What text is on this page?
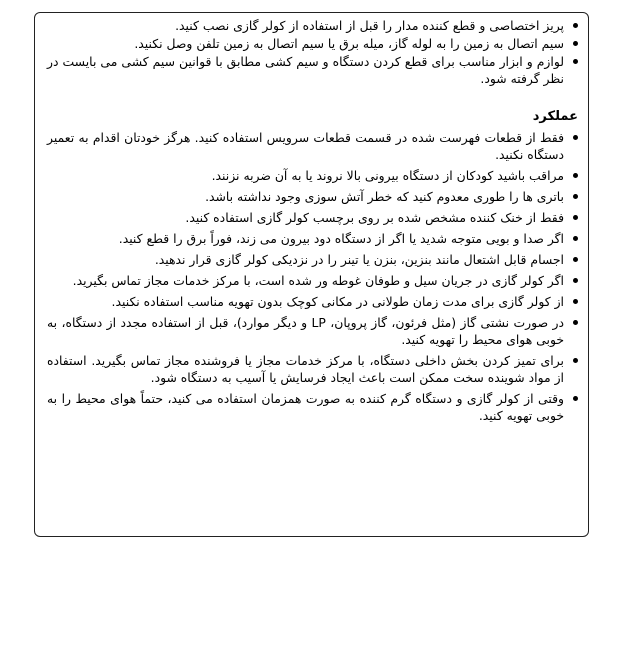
پریز اختصاصی و قطع کننده مدار را قبل از استفاده از کولر گازی نصب کنید.
سیم اتصال به زمین را به لوله گاز، میله برق یا سیم اتصال به زمین تلفن وصل نکنید.
لوازم و ابزار مناسب برای قطع کردن دستگاه و سیم کشی مطابق با قوانین سیم کشی می بایست در نظر گرفته شود.
عملکرد
فقط از قطعات فهرست شده در قسمت قطعات سرویس استفاده کنید. هرگز خودتان اقدام به تعمیر دستگاه نکنید.
مراقب باشید کودکان از دستگاه بیرونی بالا نروند یا به آن ضربه نزنند.
باتری ها را طوری معدوم کنید که خطر آتش سوزی وجود نداشته باشد.
فقط از خنک کننده مشخص شده بر روی برچسب کولر گازی استفاده کنید.
اگر صدا و بویی متوجه شدید یا اگر از دستگاه دود بیرون می زند، فوراً برق را قطع کنید.
اجسام قابل اشتعال مانند بنزین، بنزن یا تینر را در نزدیکی کولر گازی قرار ندهید.
اگر کولر گازی در جریان سیل و طوفان غوطه ور شده است، با مرکز خدمات مجاز تماس بگیرید.
از کولر گازی برای مدت زمان طولانی در مکانی کوچک بدون تهویه مناسب استفاده نکنید.
در صورت نشتی گاز (مثل فرئون، گاز پروپان، LP و دیگر موارد)، قبل از استفاده مجدد از دستگاه، به خوبی هوای محیط را تهویه کنید.
برای تمیز کردن بخش داخلی دستگاه، با مرکز خدمات مجاز یا فروشنده مجاز تماس بگیرید. استفاده از مواد شوینده سخت ممکن است باعث ایجاد فرسایش یا آسیب به دستگاه شود.
وقتی از کولر گازی و دستگاه گرم کننده به صورت همزمان استفاده می کنید، حتماً هوای محیط را به خوبی تهویه کنید.
